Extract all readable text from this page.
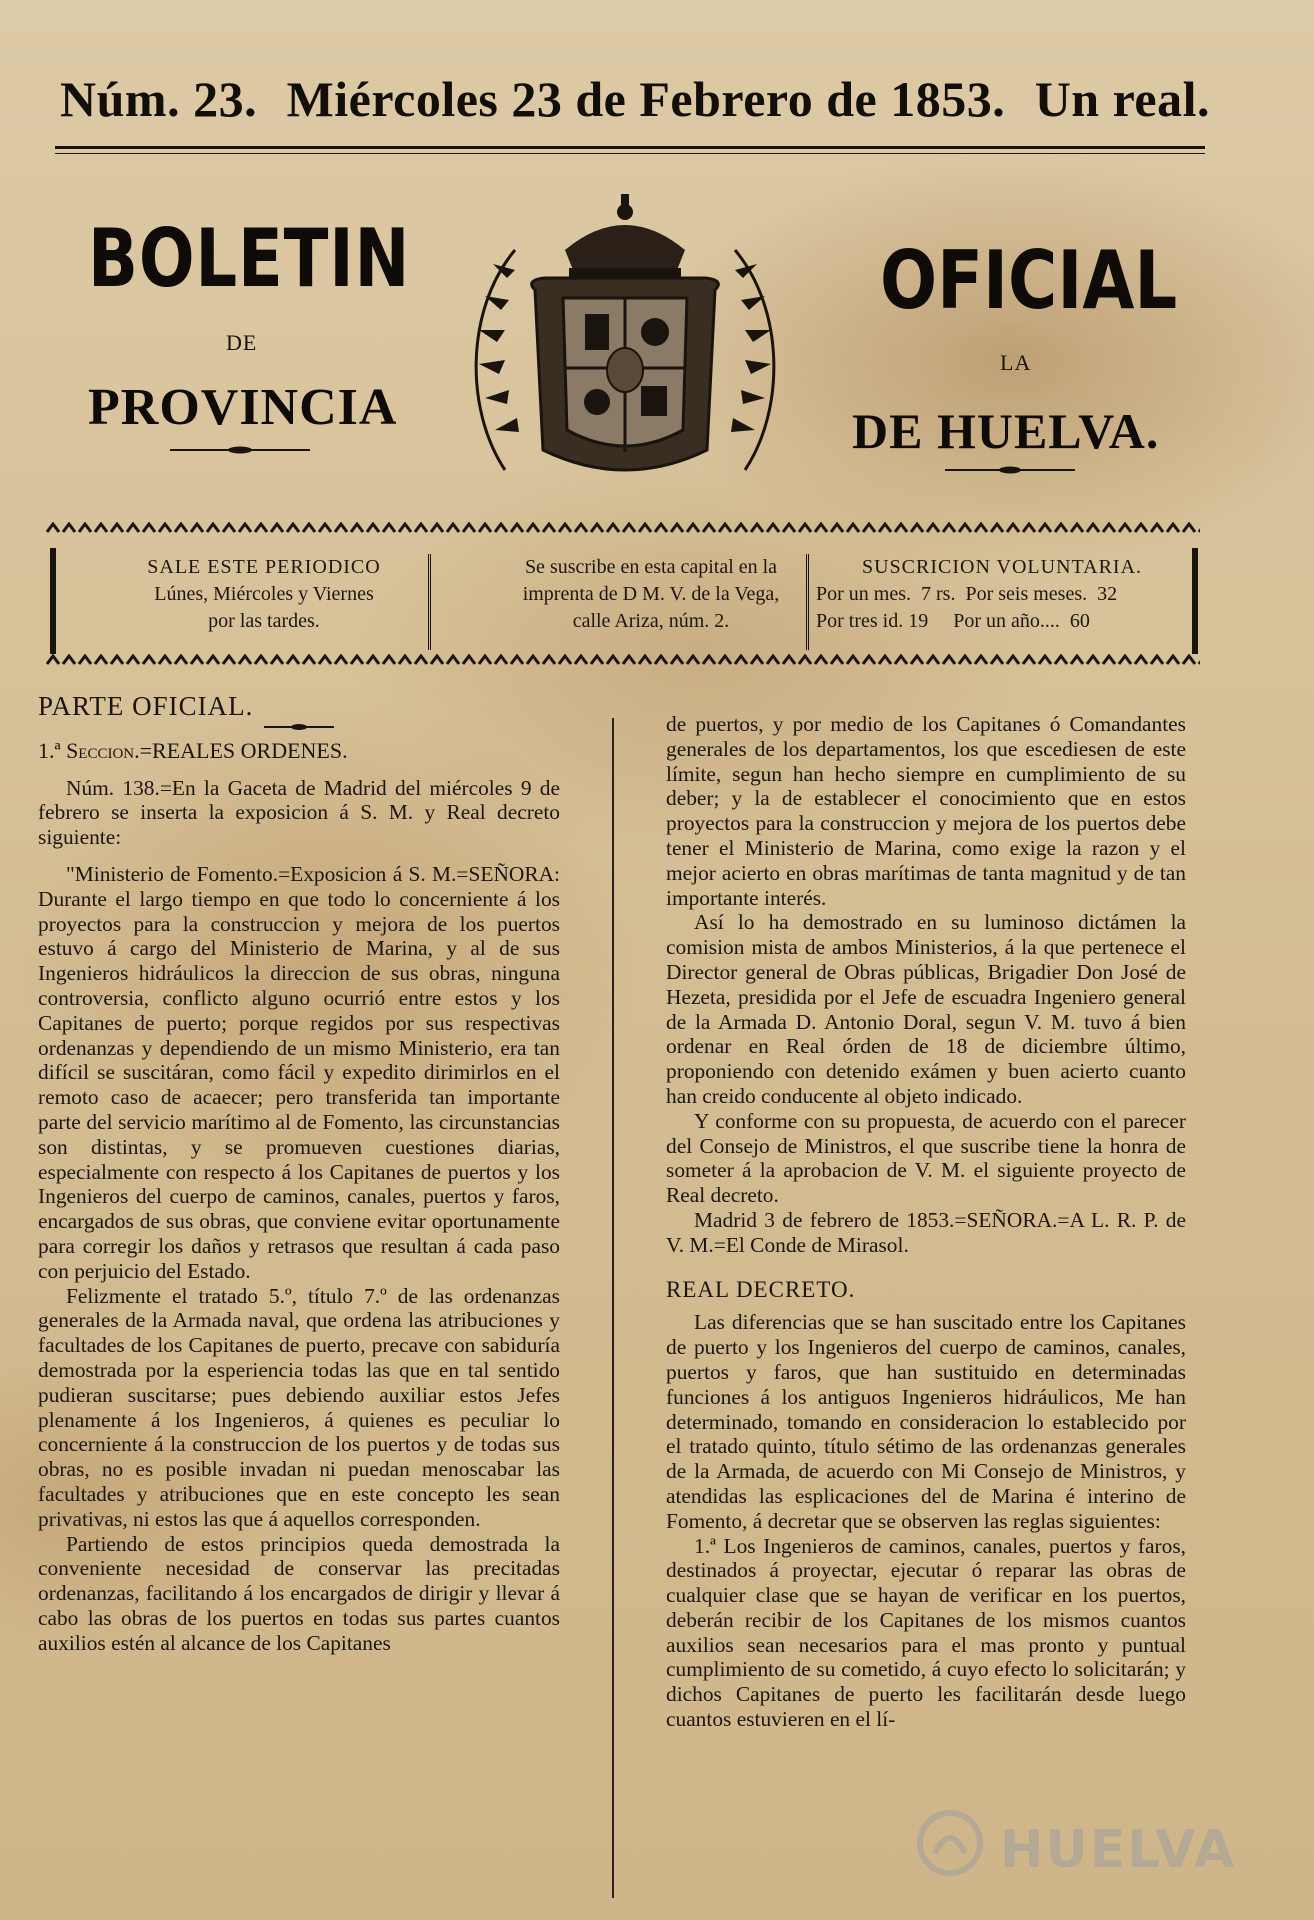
Núm. 23. Miércoles 23 de Febrero de 1853. Un real.
BOLETIN
DE
PROVINCIA
OFICIAL
LA
DE HUELVA.
SALE ESTE PERIODICO
Lúnes, Miércoles y Viernes
por las tardes.
Se suscribe en esta capital en la
imprenta de D M. V. de la Vega,
calle Ariza, núm. 2.
SUSCRICION VOLUNTARIA.
Por un mes.  7 rs.  Por seis meses.  32
Por tres id. 19     Por un año....  60

PARTE OFICIAL.

1.ª Seccion.=REALES ORDENES.

Núm. 138.=En la Gaceta de Madrid del miércoles 9 de febrero se inserta la exposicion á S. M. y Real decreto siguiente:

"Ministerio de Fomento.=Exposicion á S. M.=SEÑORA: Durante el largo tiempo en que todo lo concerniente á los proyectos para la construccion y mejora de los puertos estuvo á cargo del Ministerio de Marina, y al de sus Ingenieros hidráulicos la direccion de sus obras, ninguna controversia, conflicto alguno ocurrió entre estos y los Capitanes de puerto; porque regidos por sus respectivas ordenanzas y dependiendo de un mismo Ministerio, era tan difícil se suscitáran, como fácil y expedito dirimirlos en el remoto caso de acaecer; pero transferida tan importante parte del servicio marítimo al de Fomento, las circunstancias son distintas, y se promueven cuestiones diarias, especialmente con respecto á los Capitanes de puertos y los Ingenieros del cuerpo de caminos, canales, puertos y faros, encargados de sus obras, que conviene evitar oportunamente para corregir los daños y retrasos que resultan á cada paso con perjuicio del Estado.

Felizmente el tratado 5.º, título 7.º de las ordenanzas generales de la Armada naval, que ordena las atribuciones y facultades de los Capitanes de puerto, precave con sabiduría demostrada por la esperiencia todas las que en tal sentido pudieran suscitarse; pues debiendo auxiliar estos Jefes plenamente á los Ingenieros, á quienes es peculiar lo concerniente á la construccion de los puertos y de todas sus obras, no es posible invadan ni puedan menoscabar las facultades y atribuciones que en este concepto les sean privativas, ni estos las que á aquellos corresponden.

Partiendo de estos principios queda demostrada la conveniente necesidad de conservar las precitadas ordenanzas, facilitando á los encargados de dirigir y llevar á cabo las obras de los puertos en todas sus partes cuantos auxilios estén al alcance de los Capitanes

de puertos, y por medio de los Capitanes ó Comandantes generales de los departamentos, los que escediesen de este límite, segun han hecho siempre en cumplimiento de su deber; y la de establecer el conocimiento que en estos proyectos para la construccion y mejora de los puertos debe tener el Ministerio de Marina, como exige la razon y el mejor acierto en obras marítimas de tanta magnitud y de tan importante interés.

Así lo ha demostrado en su luminoso dictámen la comision mista de ambos Ministerios, á la que pertenece el Director general de Obras públicas, Brigadier Don José de Hezeta, presidida por el Jefe de escuadra Ingeniero general de la Armada D. Antonio Doral, segun V. M. tuvo á bien ordenar en Real órden de 18 de diciembre último, proponiendo con detenido exámen y buen acierto cuanto han creido conducente al objeto indicado.

Y conforme con su propuesta, de acuerdo con el parecer del Consejo de Ministros, el que suscribe tiene la honra de someter á la aprobacion de V. M. el siguiente proyecto de Real decreto.

Madrid 3 de febrero de 1853.=SEÑORA.=A L. R. P. de V. M.=El Conde de Mirasol.

REAL DECRETO.

Las diferencias que se han suscitado entre los Capitanes de puerto y los Ingenieros del cuerpo de caminos, canales, puertos y faros, que han sustituido en determinadas funciones á los antiguos Ingenieros hidráulicos, Me han determinado, tomando en consideracion lo establecido por el tratado quinto, título sétimo de las ordenanzas generales de la Armada, de acuerdo con Mi Consejo de Ministros, y atendidas las esplicaciones del de Marina é interino de Fomento, á decretar que se observen las reglas siguientes:

1.ª Los Ingenieros de caminos, canales, puertos y faros, destinados á proyectar, ejecutar ó reparar las obras de cualquier clase que se hayan de verificar en los puertos, deberán recibir de los Capitanes de los mismos cuantos auxilios sean necesarios para el mas pronto y puntual cumplimiento de su cometido, á cuyo efecto lo solicitarán; y dichos Capitanes de puerto les facilitarán desde luego cuantos estuvieren en el lí-

HUELVA
